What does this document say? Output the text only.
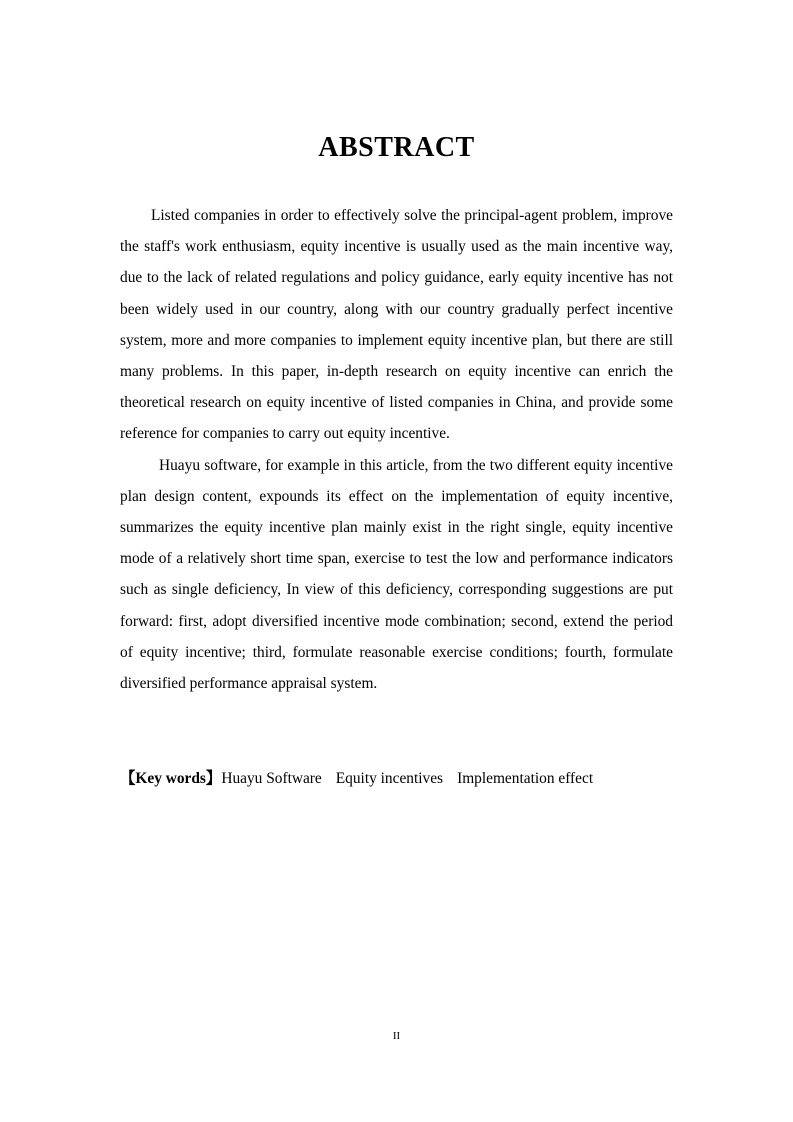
ABSTRACT

Listed companies in order to effectively solve the principal-agent problem, improve the staff's work enthusiasm, equity incentive is usually used as the main incentive way, due to the lack of related regulations and policy guidance, early equity incentive has not been widely used in our country, along with our country gradually perfect incentive system, more and more companies to implement equity incentive plan, but there are still many problems. In this paper, in-depth research on equity incentive can enrich the theoretical research on equity incentive of listed companies in China, and provide some reference for companies to carry out equity incentive.

Huayu software, for example in this article, from the two different equity incentive plan design content, expounds its effect on the implementation of equity incentive, summarizes the equity incentive plan mainly exist in the right single, equity incentive mode of a relatively short time span, exercise to test the low and performance indicators such as single deficiency, In view of this deficiency, corresponding suggestions are put forward: first, adopt diversified incentive mode combination; second, extend the period of equity incentive; third, formulate reasonable exercise conditions; fourth, formulate diversified performance appraisal system.

【Key words】Huayu Software Equity incentives Implementation effect
II
